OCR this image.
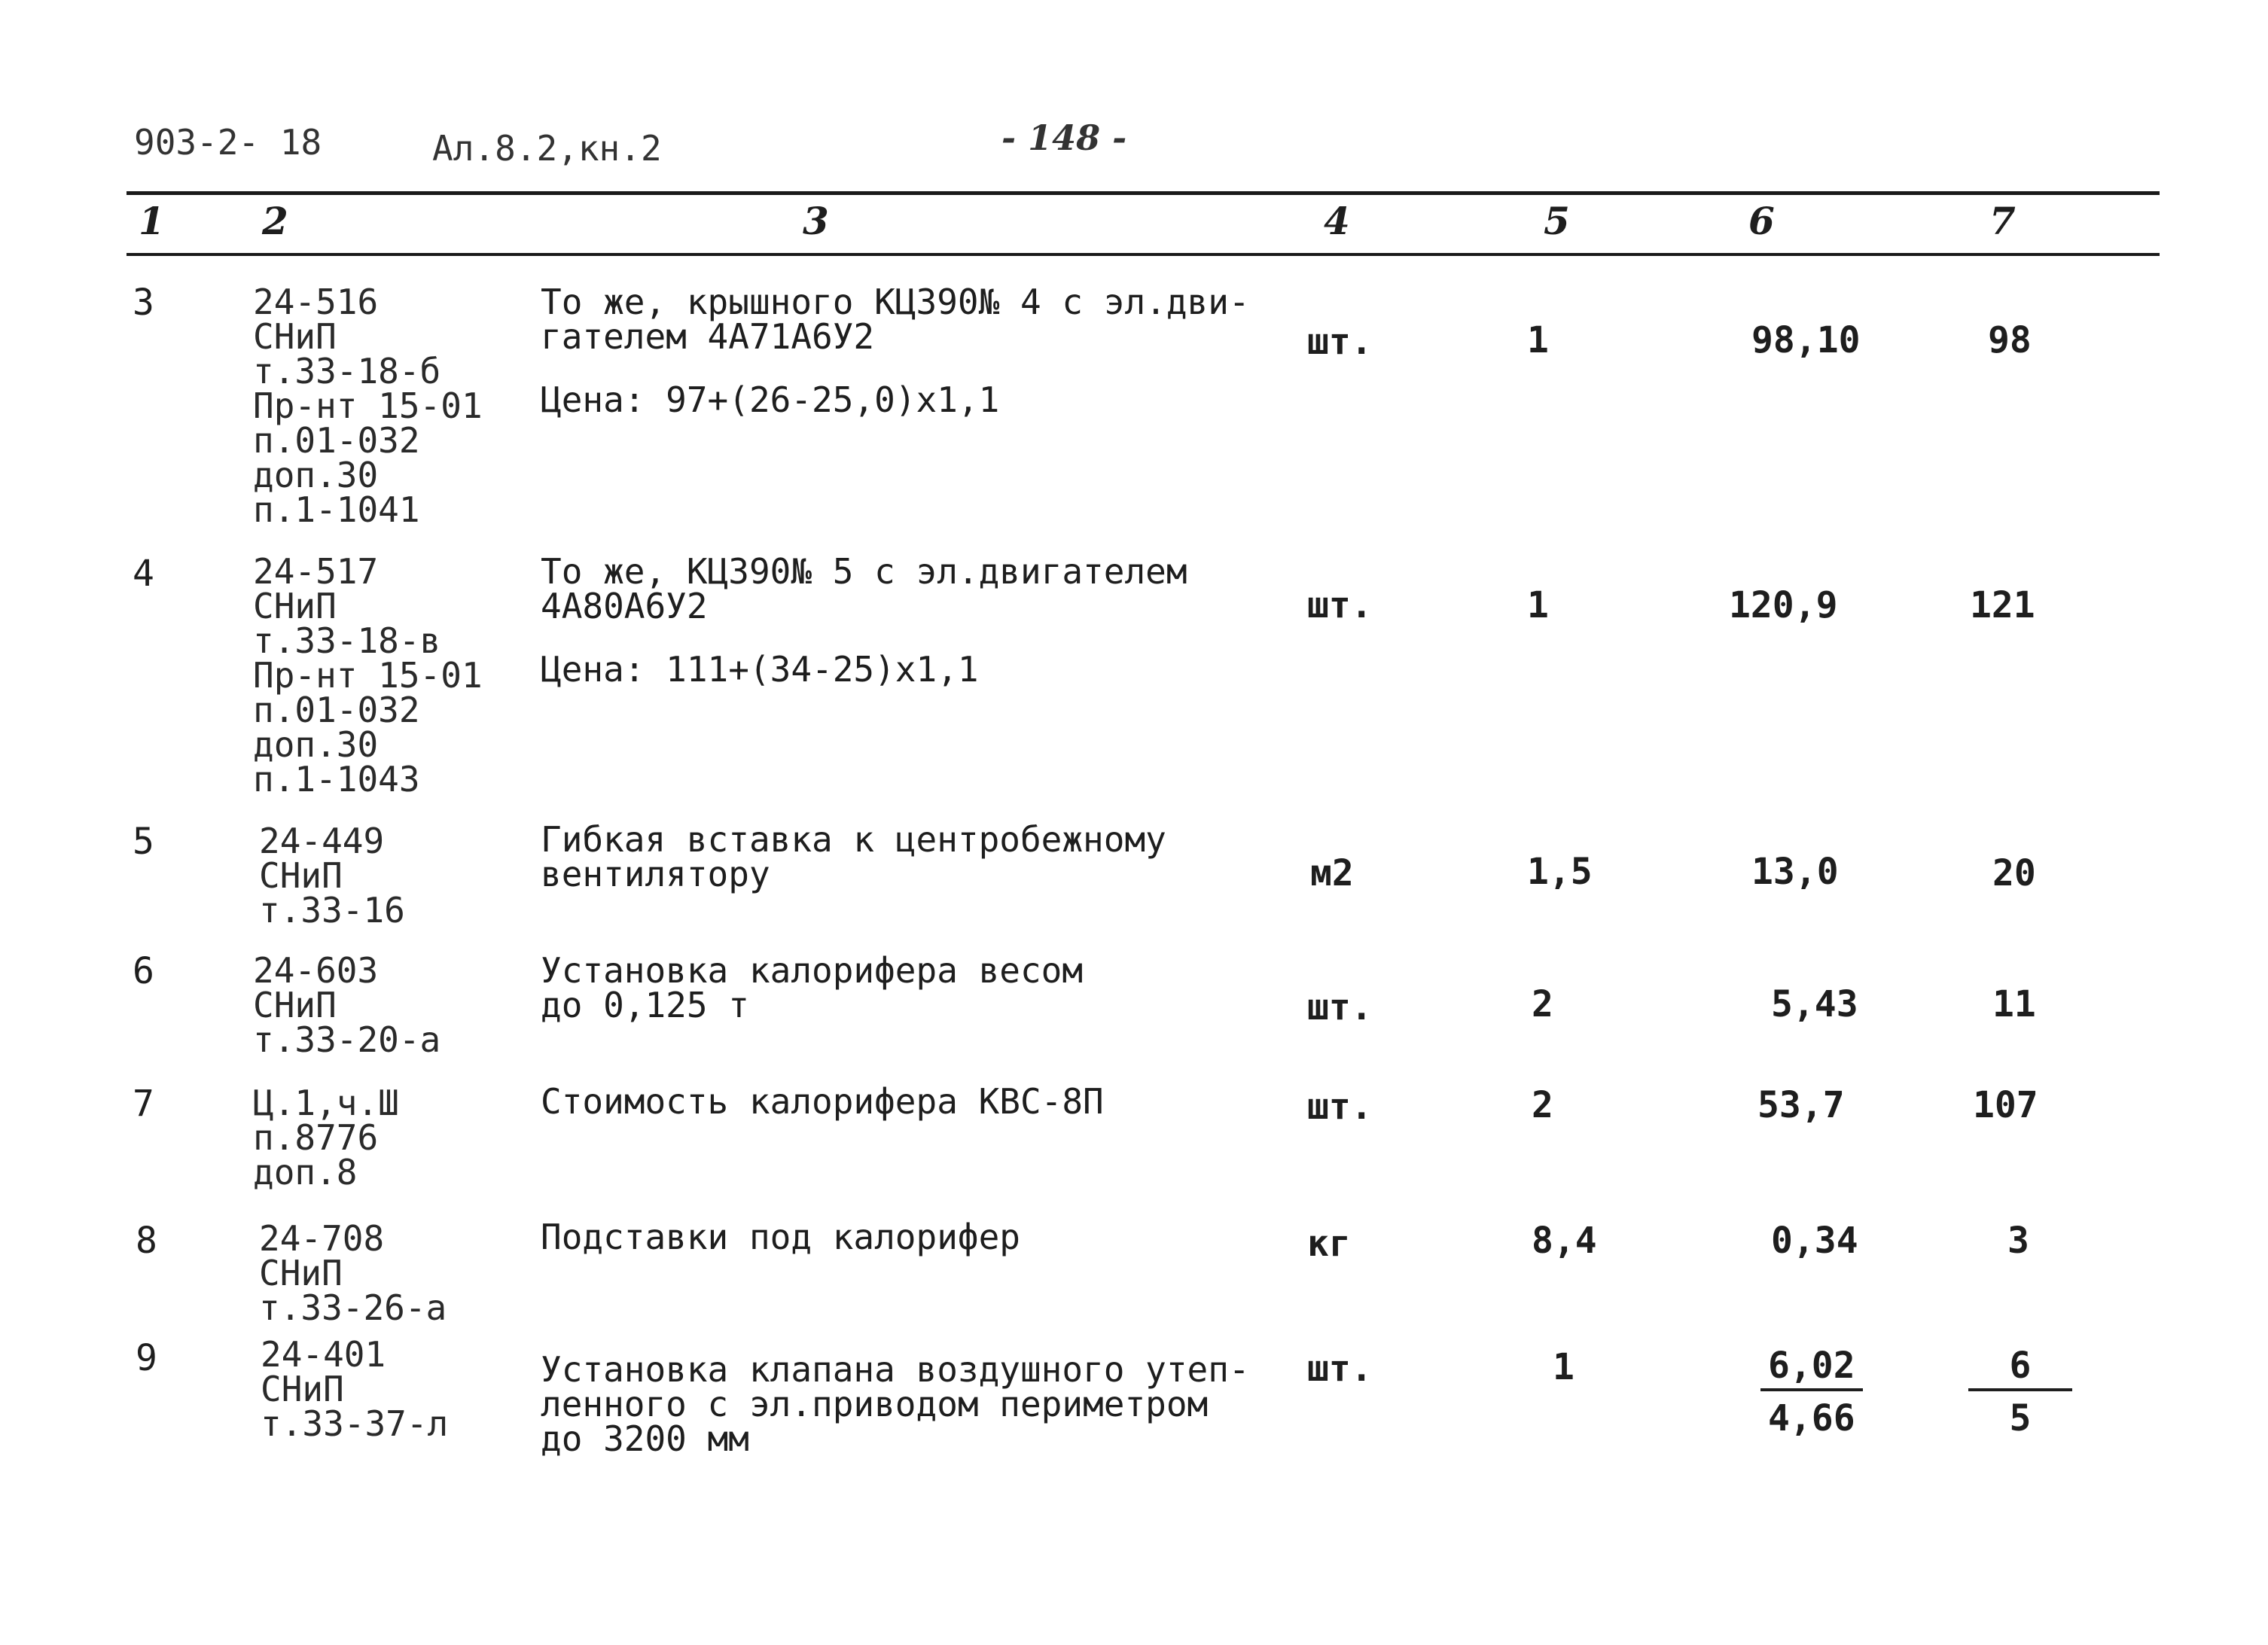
903-2- 18	Ал.8.2,кн.2	- 148 -
1	2	3	4	5	6	7
3	24-516
СНиП
т.33-18-б
Пр-нт 15-01
п.01-032
доп.30
п.1-1041
То же, крышного КЦ390№ 4 с эл.дви-
гателем 4А71А6У2
Цена: 97+(26-25,0)х1,1
шт.	1	98,10	98
4	24-517
СНиП
т.33-18-в
Пр-нт 15-01
п.01-032
доп.30
п.1-1043
То же, КЦ390№ 5 с эл.двигателем
4А80А6У2
Цена: 111+(34-25)х1,1
шт.	1	120,9	121
5	24-449
СНиП
т.33-16
Гибкая вставка к центробежному
вентилятору	м2	1,5	13,0	20
6	24-603
СНиП
т.33-20-а
Установка калорифера весом
до 0,125 т	шт.	2	5,43	11
7	Ц.1,ч.Ш
п.8776
доп.8
Стоимость калорифера КВС-8П	шт.	2	53,7	107
8	24-708
СНиП
т.33-26-а
Подставки под калорифер	кг	8,4	0,34	3
9	24-401
СНиП
т.33-37-л
Установка клапана воздушного утеп-
ленного с эл.приводом периметром
до 3200 мм
шт.	1	$\frac{6,02}{4,66}$	$\frac{6}{5}$
